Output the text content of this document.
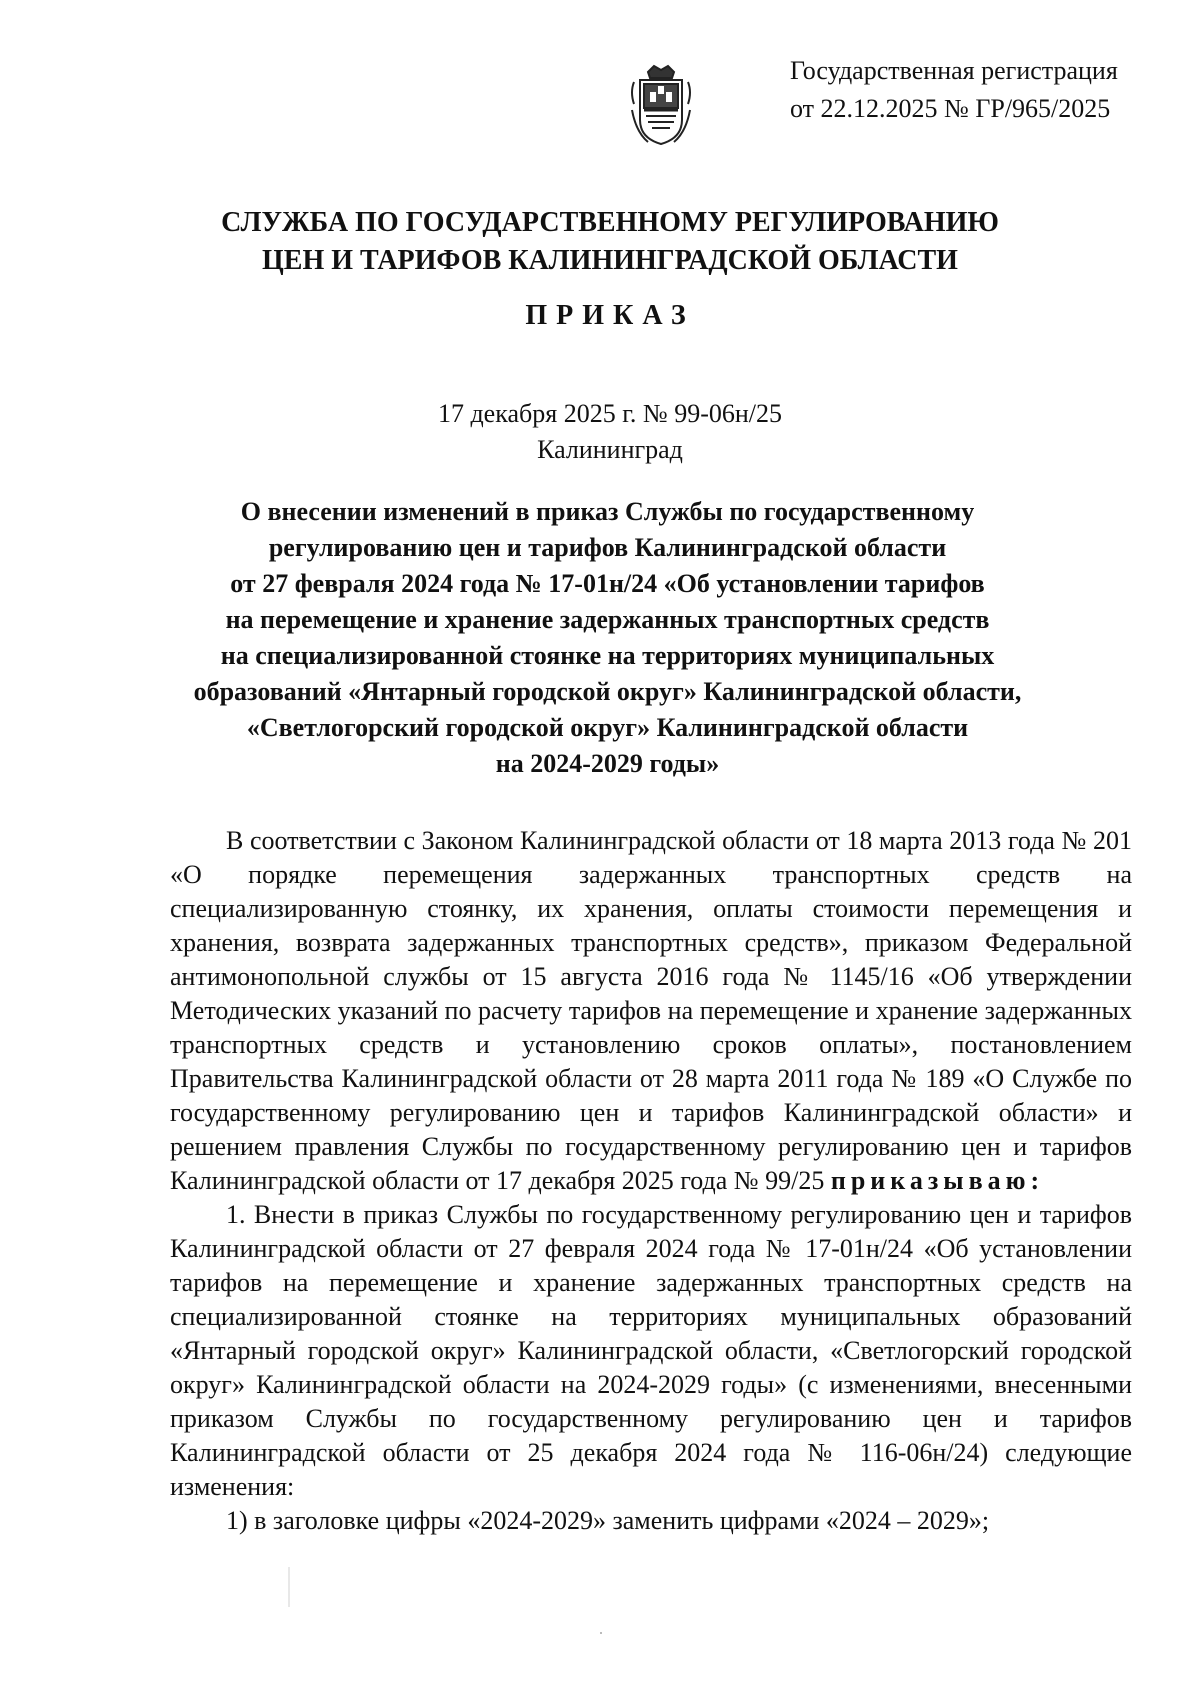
Государственная регистрация
от 22.12.2025 № ГР/965/2025
СЛУЖБА ПО ГОСУДАРСТВЕННОМУ РЕГУЛИРОВАНИЮ
ЦЕН И ТАРИФОВ КАЛИНИНГРАДСКОЙ ОБЛАСТИ
ПРИКАЗ
17 декабря 2025 г. № 99-06н/25
Калининград
О внесении изменений в приказ Службы по государственному
регулированию цен и тарифов Калининградской области
от 27 февраля 2024 года № 17-01н/24 «Об установлении тарифов
на перемещение и хранение задержанных транспортных средств
на специализированной стоянке на территориях муниципальных
образований «Янтарный городской округ» Калининградской области,
«Светлогорский городской округ» Калининградской области
на 2024-2029 годы»

В соответствии с Законом Калининградской области от 18 марта 2013 года № 201 «О порядке перемещения задержанных транспортных средств на специализированную стоянку, их хранения, оплаты стоимости перемещения и хранения, возврата задержанных транспортных средств», приказом Федеральной антимонопольной службы от 15 августа 2016 года № 1145/16 «Об утверждении Методических указаний по расчету тарифов на перемещение и хранение задержанных транспортных средств и установлению сроков оплаты», постановлением Правительства Калининградской области от 28 марта 2011 года № 189 «О Службе по государственному регулированию цен и тарифов Калининградской области» и решением правления Службы по государственному регулированию цен и тарифов Калининградской области от 17 декабря 2025 года № 99/25 приказываю:

1. Внести в приказ Службы по государственному регулированию цен и тарифов Калининградской области от 27 февраля 2024 года № 17-01н/24 «Об установлении тарифов на перемещение и хранение задержанных транспортных средств на специализированной стоянке на территориях муниципальных образований «Янтарный городской округ» Калининградской области, «Светлогорский городской округ» Калининградской области на 2024-2029 годы» (с изменениями, внесенными приказом Службы по государственному регулированию цен и тарифов Калининградской области от 25 декабря 2024 года № 116-06н/24) следующие изменения:

1) в заголовке цифры «2024-2029» заменить цифрами «2024 – 2029»;
